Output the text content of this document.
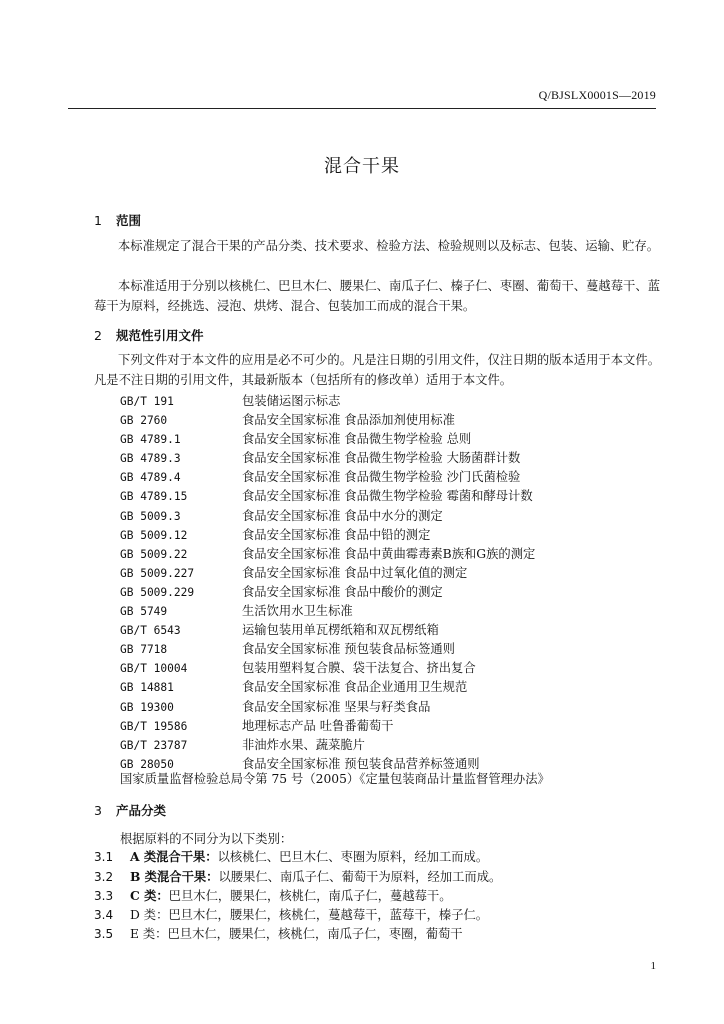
Q/BJSLX0001S—2019
混合干果
1 范围

本标准规定了混合干果的产品分类、技术要求、检验方法、检验规则以及标志、包装、运输、贮存。

本标准适用于分别以核桃仁、巴旦木仁、腰果仁、南瓜子仁、榛子仁、枣圈、葡萄干、蔓越莓干、蓝莓干为原料，经挑选、浸泡、烘烤、混合、包装加工而成的混合干果。

2 规范性引用文件

下列文件对于本文件的应用是必不可少的。凡是注日期的引用文件，仅注日期的版本适用于本文件。凡是不注日期的引用文件，其最新版本（包括所有的修改单）适用于本文件。

GB/T 191	包装储运图示标志
GB 2760	食品安全国家标准 食品添加剂使用标准
GB 4789.1	食品安全国家标准 食品微生物学检验 总则
GB 4789.3	食品安全国家标准 食品微生物学检验 大肠菌群计数
GB 4789.4	食品安全国家标准 食品微生物学检验 沙门氏菌检验
GB 4789.15	食品安全国家标准 食品微生物学检验 霉菌和酵母计数
GB 5009.3	食品安全国家标准 食品中水分的测定
GB 5009.12	食品安全国家标准 食品中铅的测定
GB 5009.22	食品安全国家标准 食品中黄曲霉毒素B族和G族的测定
GB 5009.227	食品安全国家标准 食品中过氧化值的测定
GB 5009.229	食品安全国家标准 食品中酸价的测定
GB 5749	生活饮用水卫生标准
GB/T 6543	运输包装用单瓦楞纸箱和双瓦楞纸箱
GB 7718	食品安全国家标准 预包装食品标签通则
GB/T 10004	包装用塑料复合膜、袋干法复合、挤出复合
GB 14881	食品安全国家标准 食品企业通用卫生规范
GB 19300	食品安全国家标准 坚果与籽类食品
GB/T 19586	地理标志产品 吐鲁番葡萄干
GB/T 23787	非油炸水果、蔬菜脆片
GB 28050	食品安全国家标准 预包装食品营养标签通则
国家质量监督检验总局令第 75 号（2005）《定量包装商品计量监督管理办法》
3 产品分类
根据原料的不同分为以下类别：
3.1 A 类混合干果：以核桃仁、巴旦木仁、枣圈为原料，经加工而成。
3.2 B 类混合干果：以腰果仁、南瓜子仁、葡萄干为原料，经加工而成。
3.3 C 类：巴旦木仁，腰果仁，核桃仁，南瓜子仁，蔓越莓干。
3.4 D 类：巴旦木仁，腰果仁，核桃仁，蔓越莓干，蓝莓干，榛子仁。
3.5 E 类：巴旦木仁，腰果仁，核桃仁，南瓜子仁，枣圈，葡萄干
1
